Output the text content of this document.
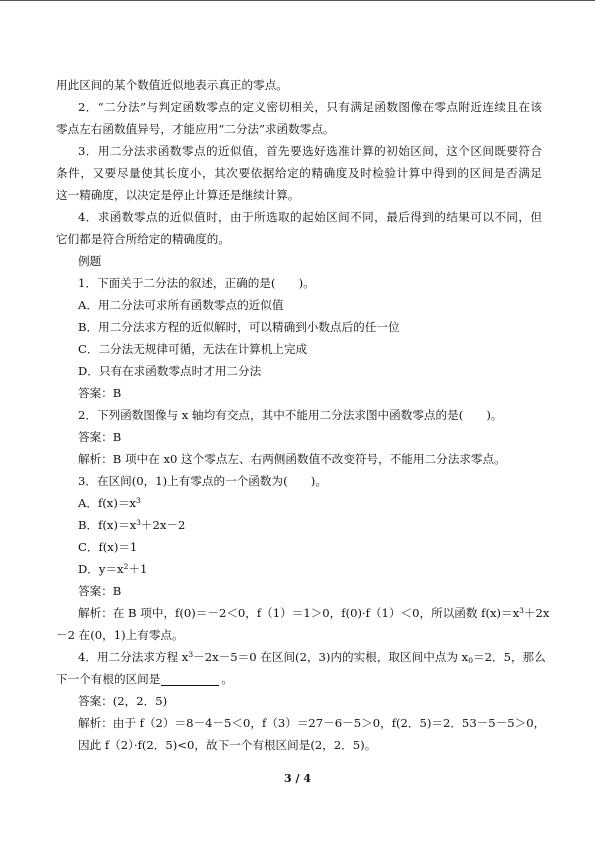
用此区间的某个数值近似地表示真正的零点。
2．“二分法”与判定函数零点的定义密切相关，只有满足函数图像在零点附近连续且在该
零点左右函数值异号，才能应用“二分法”求函数零点。
3．用二分法求函数零点的近似值，首先要选好选准计算的初始区间，这个区间既要符合
条件，又要尽量使其长度小，其次要依据给定的精确度及时检验计算中得到的区间是否满足
这一精确度，以决定是停止计算还是继续计算。
4．求函数零点的近似值时，由于所选取的起始区间不同，最后得到的结果可以不同，但
它们都是符合所给定的精确度的。
例题
1．下面关于二分法的叙述，正确的是(　　)。
A．用二分法可求所有函数零点的近似值
B．用二分法求方程的近似解时，可以精确到小数点后的任一位
C．二分法无规律可循，无法在计算机上完成
D．只有在求函数零点时才用二分法
答案：B
2．下列函数图像与 x 轴均有交点，其中不能用二分法求图中函数零点的是(　　)。
答案：B
解析：B 项中在 x0 这个零点左、右两侧函数值不改变符号，不能用二分法求零点。
3．在区间(0，1)上有零点的一个函数为(　　)。
A．$f(x)=x^3$
B．$f(x)=x^3+2x-2$
C．f(x)＝1
D．$y=x^2+1$
答案：B
解析：在 B 项中，f(0)＝－2＜0，f（1）＝1＞0，f(0)·f（1）＜0，所以函数 $f(x)=x^3+2x$
－2 在(0，1)上有零点。
4．用二分法求方程 $x^3-2x-5=0$ 在区间(2，3)内的实根，取区间中点为 $x_0=2$．5，那么
下一个有根的区间是	。
答案：(2，2．5)
解析：由于 f（2）＝8－4－5＜0，f（3）＝27－6－5＞0，f(2．5)＝2．53－5－5＞0，
因此 f（2）·f(2．5)<0，故下一个有根区间是(2，2．5)。
3 / 4
